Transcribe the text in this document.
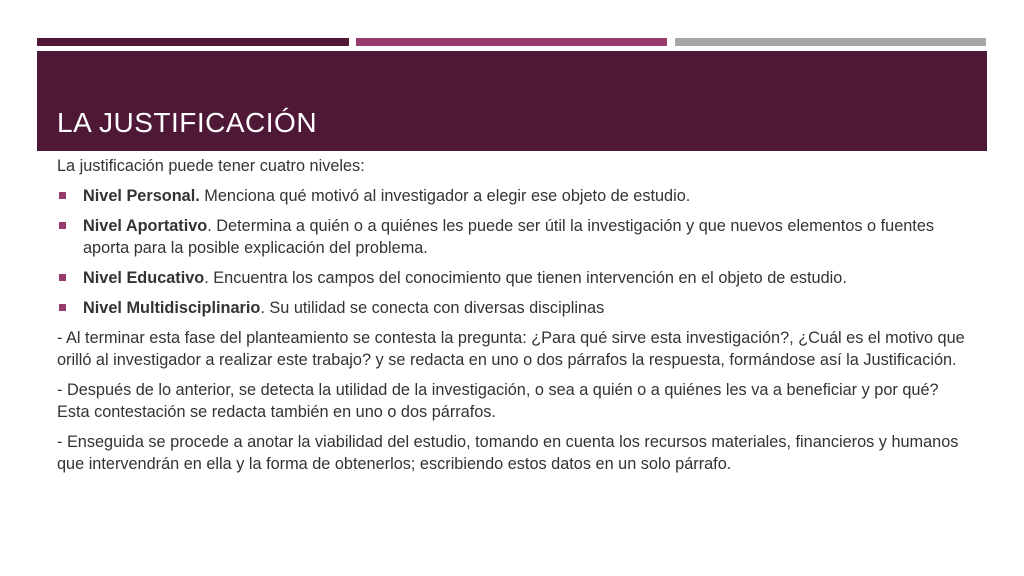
LA JUSTIFICACIÓN

La justificación puede tener cuatro niveles:

Nivel Personal. Menciona qué motivó al investigador a elegir ese objeto de estudio.
Nivel Aportativo. Determina a quién o a quiénes les puede ser útil la investigación y que nuevos elementos o fuentes aporta para la posible explicación del problema.
Nivel Educativo. Encuentra los campos del conocimiento que tienen intervención en el objeto de estudio.
Nivel Multidisciplinario. Su utilidad se conecta con diversas disciplinas

- Al terminar esta fase del planteamiento se contesta la pregunta: ¿Para qué sirve esta investigación?, ¿Cuál es el motivo que orilló al investigador a realizar este trabajo? y se redacta en uno o dos párrafos la respuesta, formándose así la Justificación.

- Después de lo anterior, se detecta la utilidad de la investigación, o sea a quién o a quiénes les va a beneficiar y por qué? Esta contestación se redacta también en uno o dos párrafos.

- Enseguida se procede a anotar la viabilidad del estudio, tomando en cuenta los recursos materiales, financieros y humanos que intervendrán en ella y la forma de obtenerlos; escribiendo estos datos en un solo párrafo.
